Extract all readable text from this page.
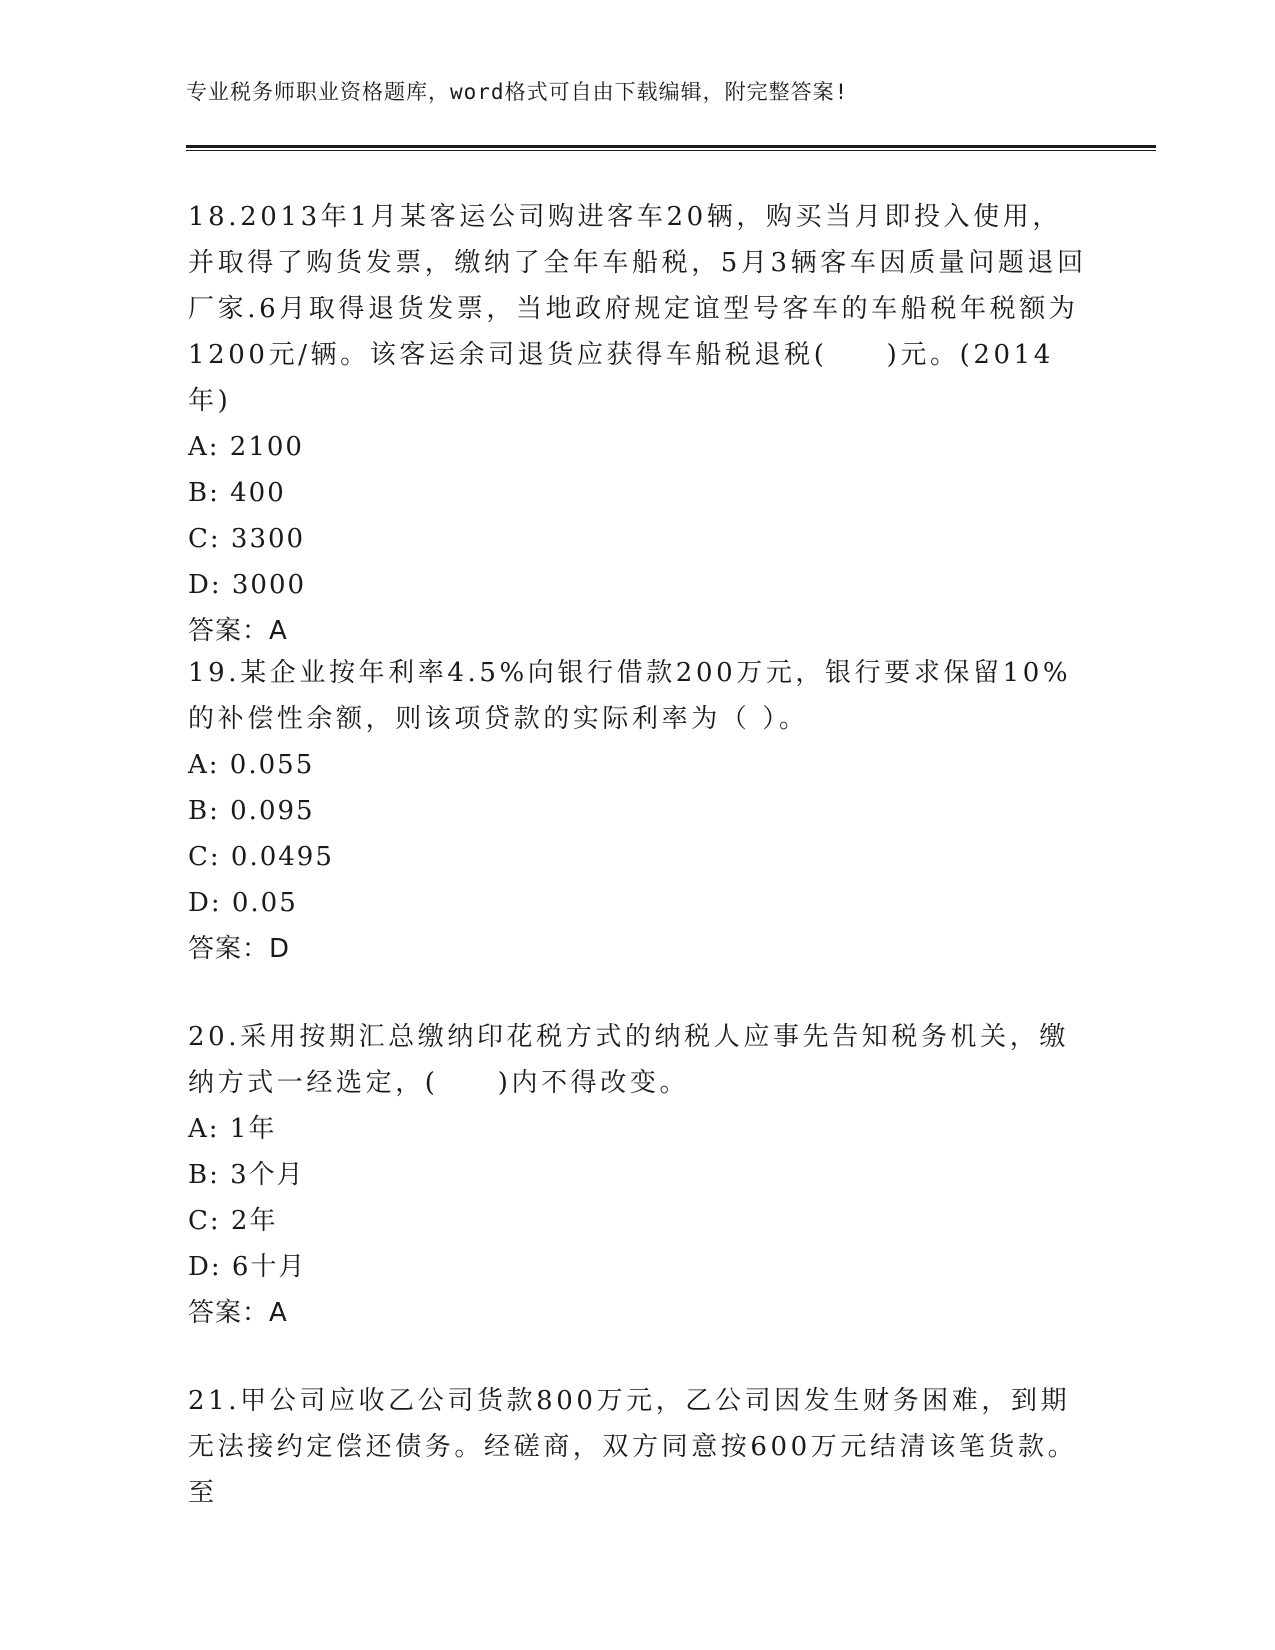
专业税务师职业资格题库，word格式可自由下载编辑，附完整答案!

18.2013年1月某客运公司购进客车20辆，购买当月即投入使用，并取得了购货发票，缴纳了全年车船税，5月3辆客车因质量问题退回厂家.6月取得退货发票，当地政府规定谊型号客车的车船税年税额为1200元/辆。该客运余司退货应获得车船税退税(　　)元。(2014年)

A: 2100

B: 400

C: 3300

D: 3000

答案：A

19.某企业按年利率4.5%向银行借款200万元，银行要求保留10%的补偿性余额，则该项贷款的实际利率为（ ）。

A: 0.055

B: 0.095

C: 0.0495

D: 0.05

答案：D

20.采用按期汇总缴纳印花税方式的纳税人应事先告知税务机关，缴纳方式一经选定，(　　)内不得改变。

A: 1年

B: 3个月

C: 2年

D: 6十月

答案：A

21.甲公司应收乙公司货款800万元，乙公司因发生财务困难，到期无法接约定偿还债务。经磋商，双方同意按600万元结清该笔货款。至
